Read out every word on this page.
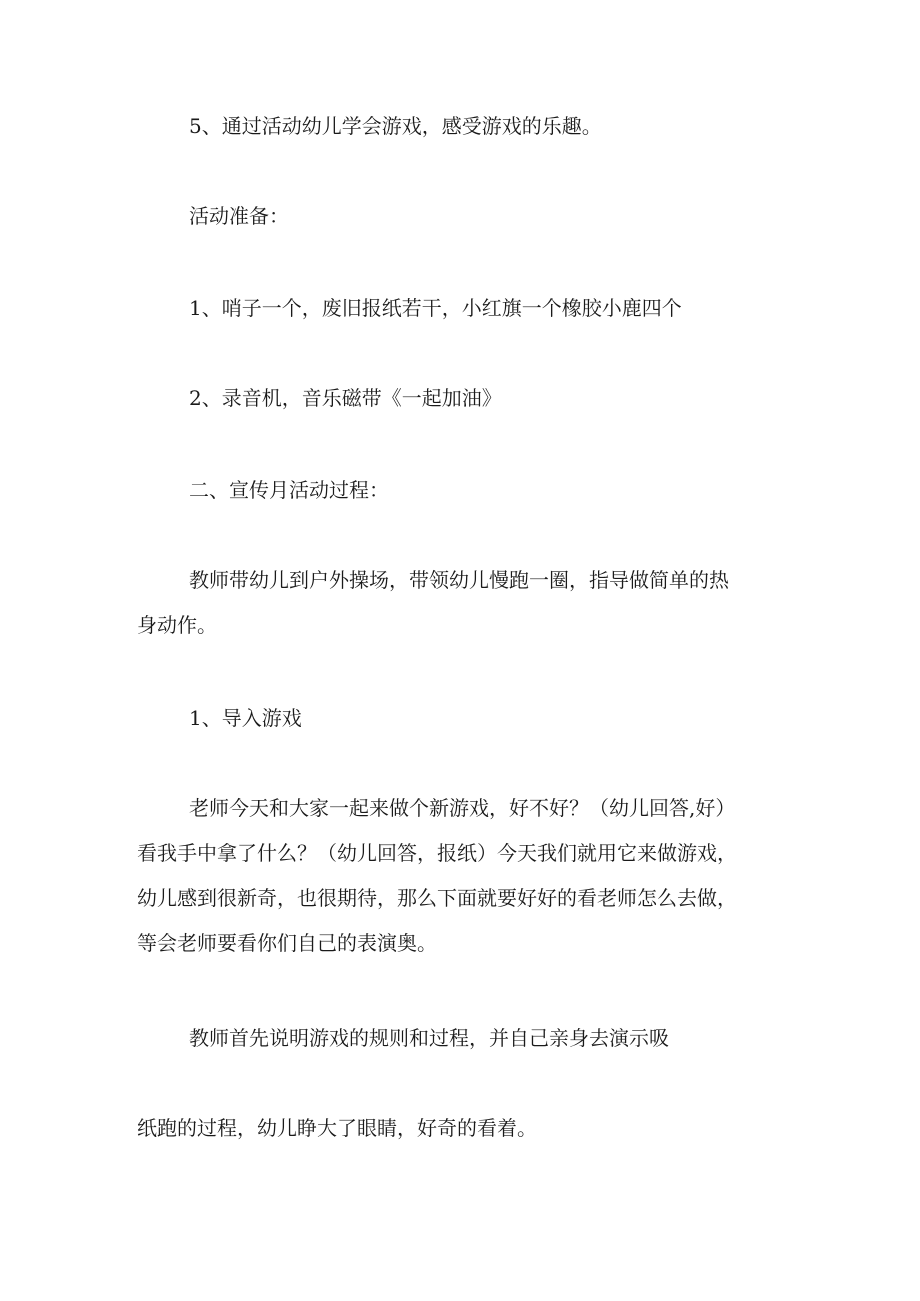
5、通过活动幼儿学会游戏，感受游戏的乐趣。

活动准备：

1、哨子一个，废旧报纸若干，小红旗一个橡胶小鹿四个

2、录音机，音乐磁带《一起加油》

二、宣传月活动过程：

教师带幼儿到户外操场，带领幼儿慢跑一圈，指导做简单的热
身动作。

1、导入游戏

老师今天和大家一起来做个新游戏，好不好？（幼儿回答,好）
看我手中拿了什么？（幼儿回答，报纸）今天我们就用它来做游戏，
幼儿感到很新奇，也很期待，那么下面就要好好的看老师怎么去做，
等会老师要看你们自己的表演奥。

教师首先说明游戏的规则和过程，并自己亲身去演示吸

纸跑的过程，幼儿睁大了眼睛，好奇的看着。
